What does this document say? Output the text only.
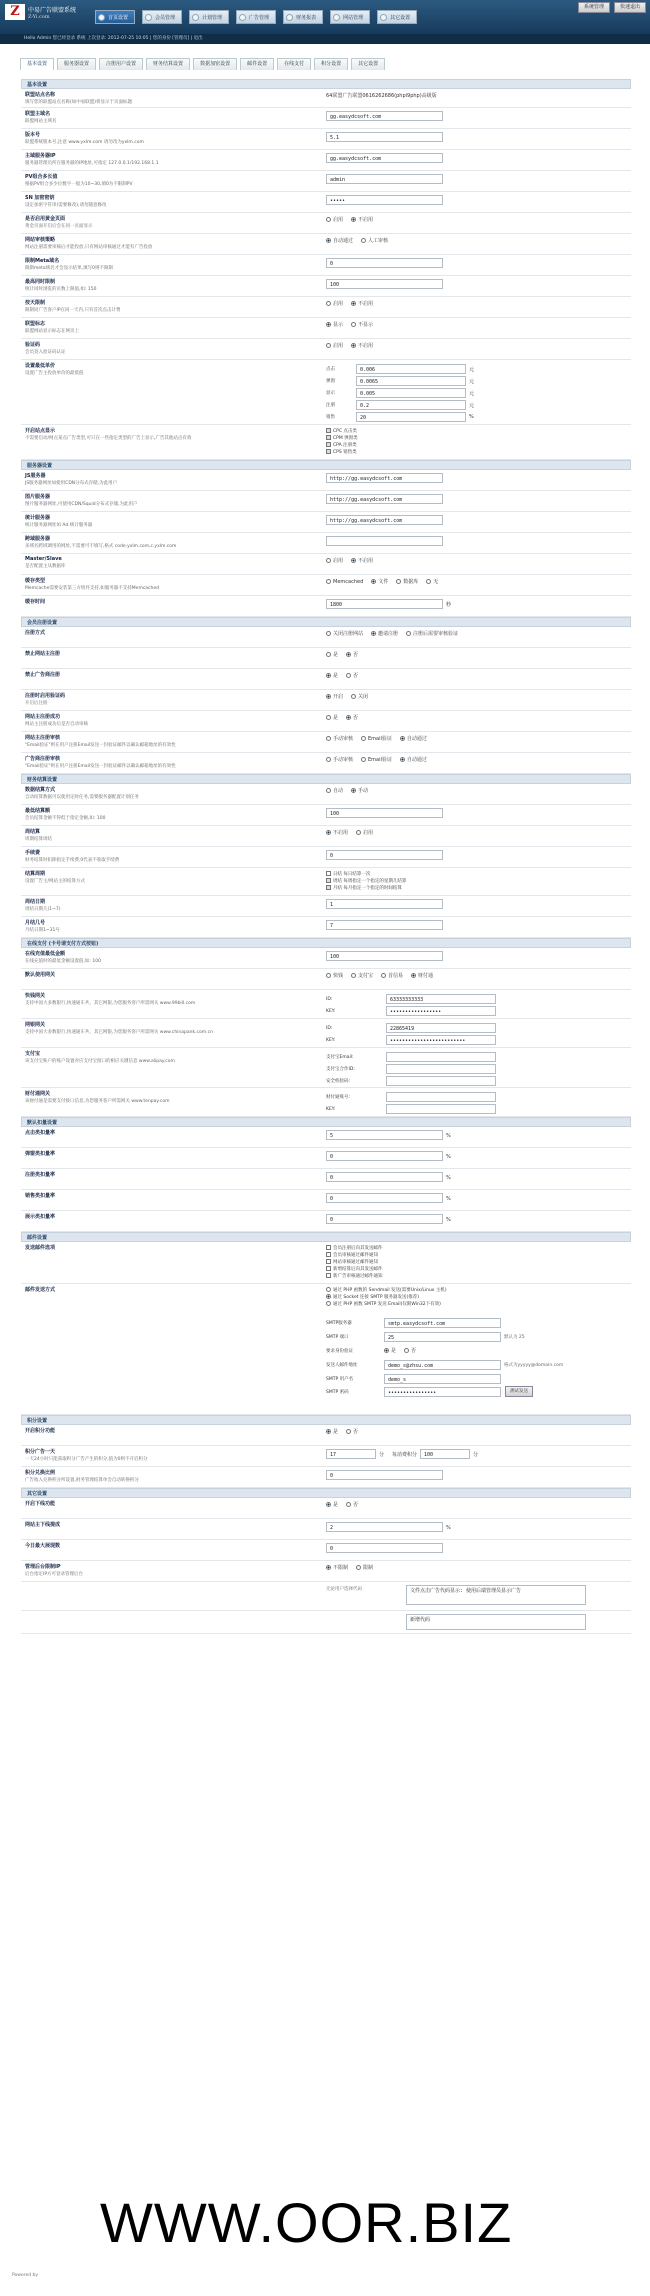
Z	中易广告联盟系统
Z-Yi.com	首页设置	会员管理	计划管理	广告管理	财务报表	网站管理	其它设置
系统管理	快速退出
Hello Admin 您已经登录 系统 上次登录: 2012-07-25 10:05 | 您的身份 [管理员] | 退出
基本设置	服务器设置	注册用户设置	财务结算设置	数据加密设置	邮件设置	在线支付	积分设置	其它设置
基本设置
联盟站点名称
填写您的联盟站点名称(如中易联盟)将显示于页面标题
64联盟广告联盟0616262686(phpi9php)高级版
联盟主域名
联盟网站主域名
gg.easydcsoft.com
版本号
联盟系统版本号,注意 www.yxlm.com 请勿改为yxlm.com
5.1
主域服务器IP
服务器管理员所在服务器的IP地址,可指定 127.0.0.1/192.168.1.1
gg.easydcsoft.com
PV组合多长值
根据PV组合多少位数字一般为10~30,填0为不限制PV
admin
SN 加密密钥
设定加密字符串(需要修改),请勿随意修改
•••••
是否启用黄金页面
黄金页面开启后会在同一页面显示
启用	不启用
网站审核策略
网站注册需要审核后才能投放,只有网站审核通过才能有广告投放
自动通过	人工审核
限制Meta域名
限制meta域名才会显示结果,填写0则不限制
0
最高同时限制
统计同时浏览的页数上限值,如: 150
100
按天限制
限制同广告客户IP在同一天内,只有首次点击计费
启用	不启用
联盟标志
联盟网站显示标志在网页上
显示	不显示
验证码
会员登入验证码认证
启用	不启用
设置最低单价
设置广告主投放单价的最低值
点击	0.006	元
弹窗	0.0065	元
显示	0.005	元
注册	0.2	元
销售	20	%
开启站点显示
不需要启动/网点某点广告类型,可只在一些指定类型的广告上显示,广告其他站点有效
CPC 点击类
CPM 弹窗类
CPA 注册类
CPS 销售类
服务器设置
JS服务器
JS服务器网址如使用CDN分布式存储,为此用户
http://gg.easydcsoft.com
图片服务器
图片服务器网址,可使用CDN/Squid分布式存储,为此用户
http://gg.easydcsoft.com
统计服务器
统计服务器网址如 Ad.统计服务器
http://gg.easydcsoft.com
跨域服务器
多域名跨域调用的网址,不需要可不填写,格式 code.yxlm.com,c.yxlm.com
Master/Slave
是否配置主从数据库
启用	不启用
缓存类型
Memcache需要安装第三方组件支持,如服务器不支持Memcached
Memcached	文件	数据库	无
缓存时间	1800	秒
会员注册设置
注册方式	关闭注册网站	邀请注册	注册后需要审核验证
禁止网站主注册	是	否
禁止广告商注册	是	否
注册时启用验证码
开启后注册
开启	关闭
网站主注册成功
网站主注册成功后是否自动审核
是	否
网站主注册审核
"Email验证"则在用户注册Email发送一封验证邮件以确认邮箱地址的有效性
手动审核	Email验证	自动通过
广告商注册审核
"Email验证"则在用户注册Email发送一封验证邮件以确认邮箱地址的有效性
手动审核	Email验证	自动通过
财务结算设置
数据结算方式
自动结算数据可以使用定时任务,需要服务器配置计划任务
自动	手动
最低结算额
会员结算金额不得低于指定金额,如: 100
100
周结算
周期结算周结
不启用	启用
手续费
财务结算时扣除指定手续费,0代表不收取手续费
0
结算周期
设置广告主/网站主的结算方式
日结 每日结算一次
周结 每周指定一个指定的星期几结算
月结 每月指定一个指定的时间结算
周结日期
周结日期几(1~7)
1
月结几号
月结日期1~31号
7
在线支付 (卡号请支付方式按钮)
在线充值最低金额
在线充值时的最低金额设置值,如: 100
100
默认使用网关	快钱	支付宝	首信易	财付通
快钱网关
支持中国大多数银行,快速通车共、其它网银,为您服务客户所需网关 www.99bill.com
ID:	63333333333
KEY:	•••••••••••••••••
网银网关
支持中国大多数银行,快速通车共、其它网银,为您服务客户所需网关 www.chinapank.com.cn
ID:	22865419
KEY:	•••••••••••••••••••••••••
支付宝
该支付宝账户的账户设置对应支付宝接口的相应关键信息 www.alipay.com
支付宝Email:
支付宝合作ID:
安全校验码:
财付通网关
该财付通是需要支付接口信息,为您服务客户所需网关 www.tenpay.com
财付通账号:
KEY:
默认扣量设置
点击类扣量率	5	%
弹窗类扣量率	0	%
注册类扣量率	0	%
销售类扣量率	0	%
展示类扣量率	0	%
邮件设置
发送邮件选项	会员注册后向其发送邮件
会员审核通过邮件通知
网站审核通过邮件通知
新增结算后向其发送邮件
新广告审核通过邮件通知
邮件发送方式	通过 PHP 函数的 Sendmail 发送(需要Unix/Linux 主机)
通过 Socket 连接 SMTP 服务器发送(推荐)
通过 PHP 函数 SMTP 发送 Email(仅限Win32下有效)
SMTP服务器	smtp.easydcsoft.com
SMTP 端口	25	默认为 25
要求身份验证	是	否
发送人邮件地址	demo_s@zhsu.com	格式为yyyyy@domain.com
SMTP 用户名	demo_s
SMTP 密码	••••••••••••••••	测试发送
积分设置
开启积分功能	是	否
积分广告一天
一天24小时只能获取积分广告产生的积分,值为0则不开启积分
17	分 每消费积分 100	分
积分兑换比例
广告收入兑换积分所设置,财务管理结算单会自动转换积分
0
其它设置
开启下线功能	是	否
网站主下线提成	2	%
今日最大展现数	0
管理后台限制IP
后台指定IP方可登录管理后台
不限制	限制
无论用户选择代码	文件点击广告代码显示: 使用后端管理员显示广告
新增代码
WWW.OOR.BIZ
Powered by
